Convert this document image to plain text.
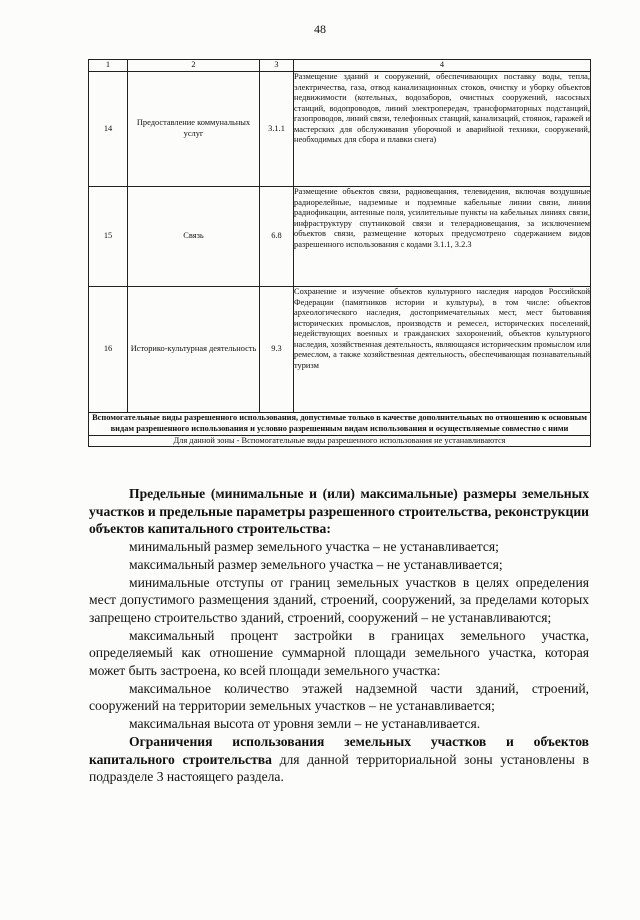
48
1	2	3	4
14	Предоставление коммунальных услуг	3.1.1	Размещение зданий и сооружений, обеспечивающих поставку воды, тепла, электричества, газа, отвод канализационных стоков, очистку и уборку объектов недвижимости (котельных, водозаборов, очистных сооружений, насосных станций, водопроводов, линий электропередач, трансформаторных подстанций, газопроводов, линий связи, телефонных станций, канализаций, стоянок, гаражей и мастерских для обслуживания уборочной и аварийной техники, сооружений, необходимых для сбора и плавки снега)
15	Связь	6.8	Размещение объектов связи, радиовещания, телевидения, включая воздушные радиорелейные, надземные и подземные кабельные линии связи, линии радиофикации, антенные поля, усилительные пункты на кабельных линиях связи, инфраструктуру спутниковой связи и телерадиовещания, за исключением объектов связи, размещение которых предусмотрено содержанием видов разрешенного использования с кодами 3.1.1, 3.2.3
16	Историко-культурная деятельность	9.3	Сохранение и изучение объектов культурного наследия народов Российской Федерации (памятников истории и культуры), в том числе: объектов археологического наследия, достопримечательных мест, мест бытования исторических промыслов, производств и ремесел, исторических поселений, недействующих военных и гражданских захоронений, объектов культурного наследия, хозяйственная деятельность, являющаяся историческим промыслом или ремеслом, а также хозяйственная деятельность, обеспечивающая познавательный туризм
Вспомогательные виды разрешенного использования, допустимые только в качестве дополнительных по отношению к основным видам разрешенного использования и условно разрешенным видам использования и осуществляемые совместно с ними			
Для данной зоны - Вспомогательные виды разрешенного использования не устанавливаются			

Предельные (минимальные и (или) максимальные) размеры земельных участков и предельные параметры разрешенного строительства, реконструкции объектов капитального строительства:

минимальный размер земельного участка – не устанавливается;

максимальный размер земельного участка – не устанавливается;

минимальные отступы от границ земельных участков в целях определения мест допустимого размещения зданий, строений, сооружений, за пределами которых запрещено строительство зданий, строений, сооружений – не устанавливаются;

максимальный процент застройки в границах земельного участка, определяемый как отношение суммарной площади земельного участка, которая может быть застроена, ко всей площади земельного участка:

максимальное количество этажей надземной части зданий, строений, сооружений на территории земельных участков – не устанавливается;

максимальная высота от уровня земли – не устанавливается.

Ограничения использования земельных участков и объектов капитального строительства для данной территориальной зоны установлены в подразделе 3 настоящего раздела.
